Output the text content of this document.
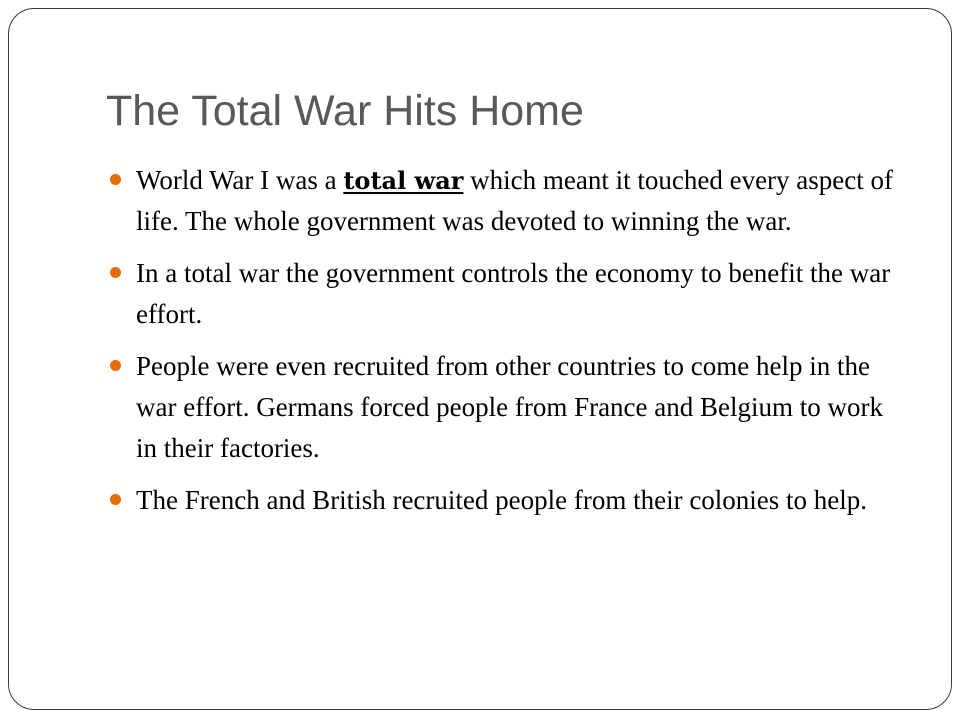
The Total War Hits Home
World War I was a total war which meant it touched every aspect of life. The whole government was devoted to winning the war.
In a total war the government controls the economy to benefit the war effort.
People were even recruited from other countries to come help in the war effort. Germans forced people from France and Belgium to work in their factories.
The French and British recruited people from their colonies to help.
